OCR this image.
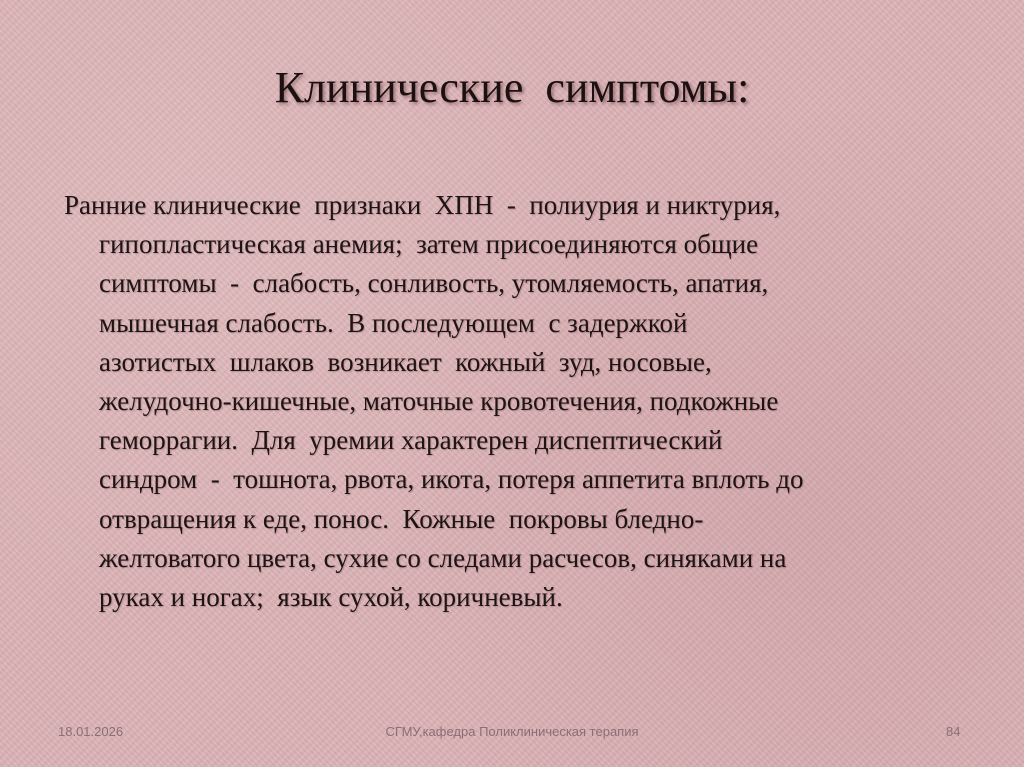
Клинические  симптомы:
Ранние клинические  признаки  ХПН  -  полиурия и никтурия,
гипопластическая анемия;  затем присоединяются общие
симптомы  -  слабость, сонливость, утомляемость, апатия,
мышечная слабость.  В последующем  с задержкой
азотистых  шлаков  возникает  кожный  зуд, носовые,
желудочно-кишечные, маточные кровотечения, подкожные
геморрагии.  Для  уремии характерен диспептический
синдром  -  тошнота, рвота, икота, потеря аппетита вплоть до
отвращения к еде, понос.  Кожные  покровы бледно-
желтоватого цвета, сухие со следами расчесов, синяками на
руках и ногах;  язык сухой, коричневый.
18.01.2026	СГМУ,кафедра Поликлиническая терапия	84
